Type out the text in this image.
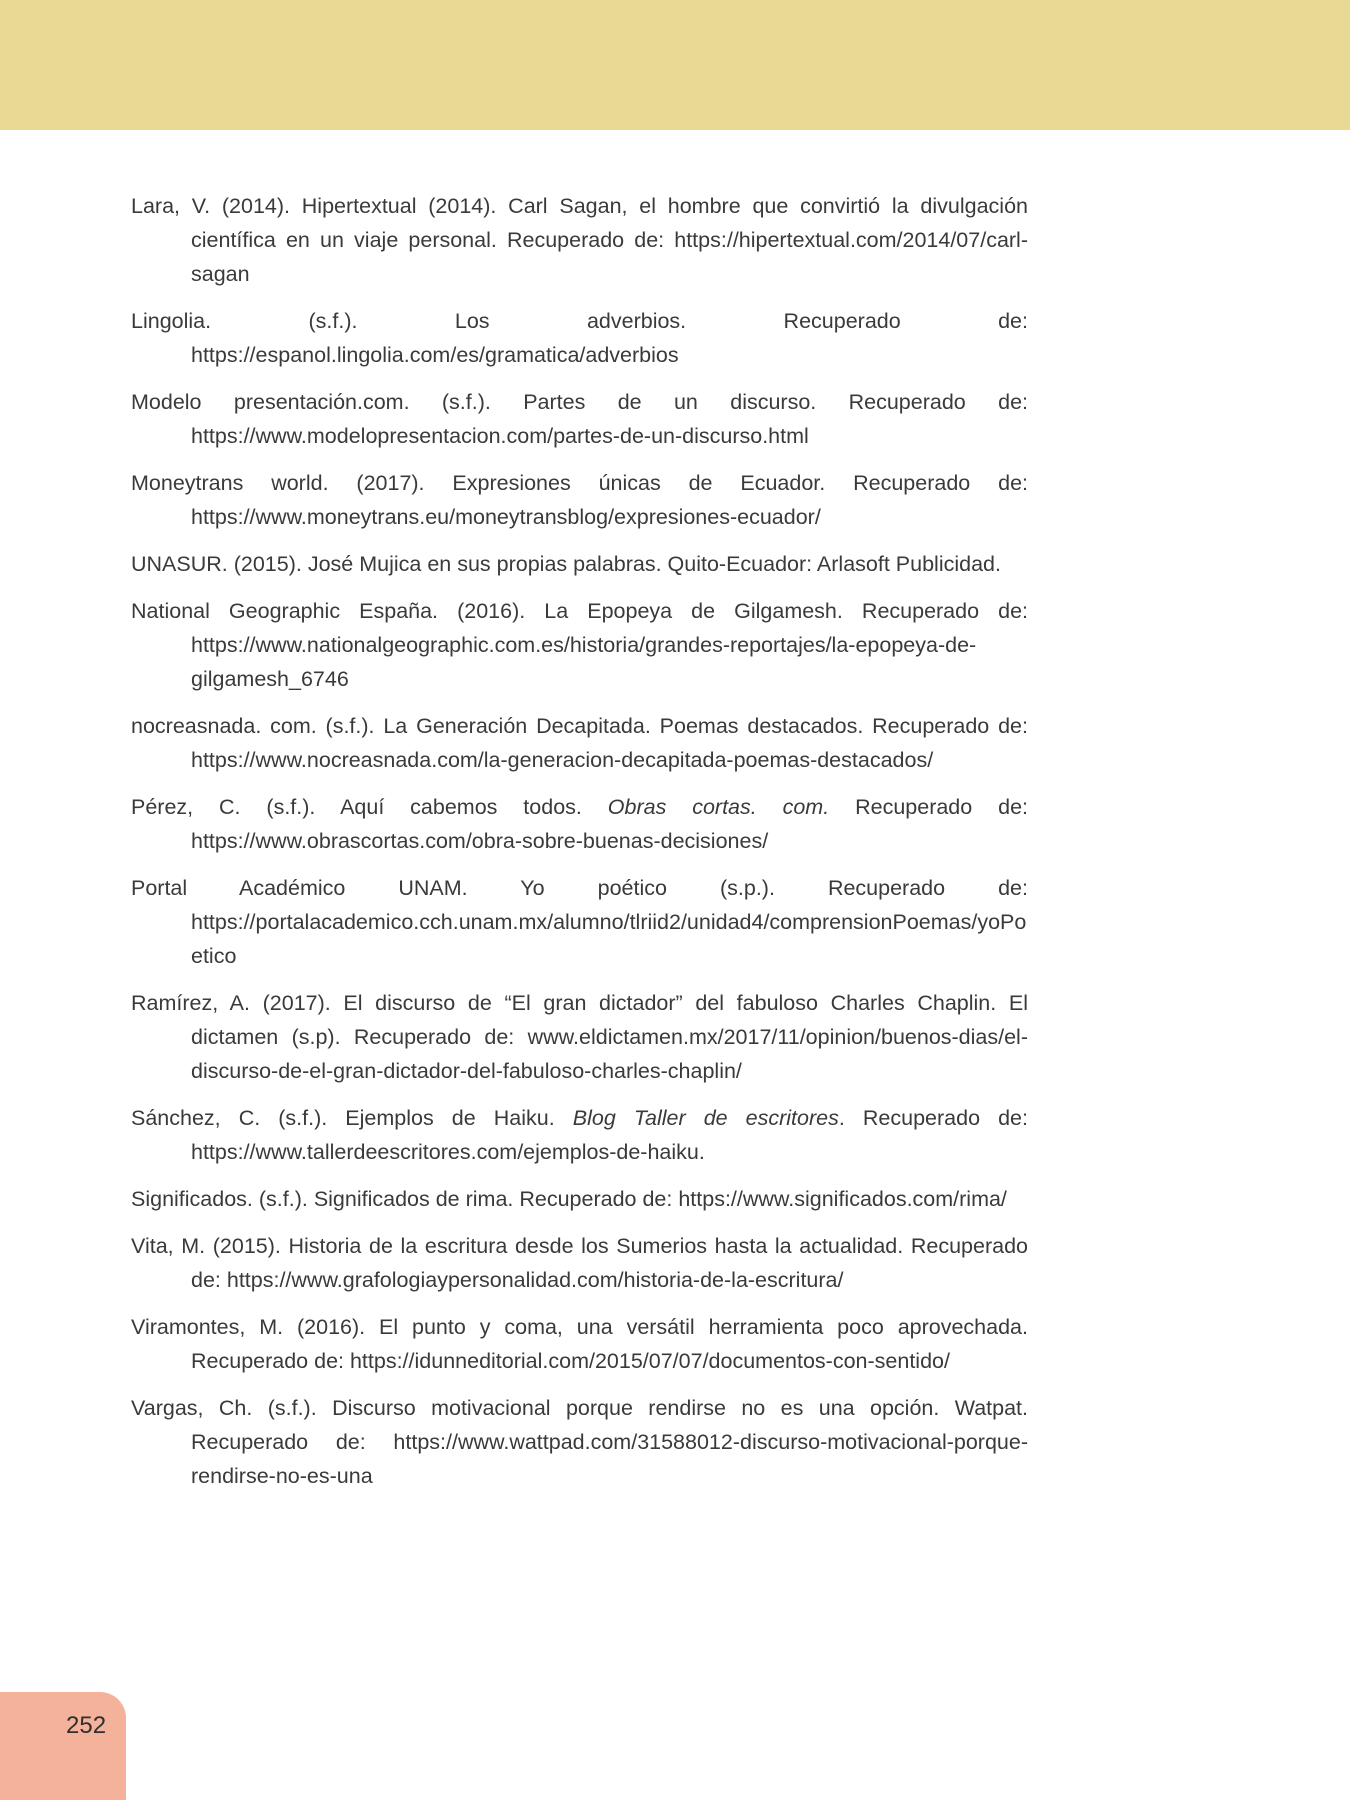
Lara, V. (2014). Hipertextual (2014). Carl Sagan, el hombre que convirtió la divulgación científica en un viaje personal. Recuperado de: https://hipertextual.com/2014/07/carl-sagan
Lingolia. (s.f.). Los adverbios. Recuperado de: https://espanol.lingolia.com/es/gramatica/adverbios
Modelo presentación.com. (s.f.). Partes de un discurso. Recuperado de: https://www.modelopresentacion.com/partes-de-un-discurso.html
Moneytrans world. (2017). Expresiones únicas de Ecuador. Recuperado de: https://www.moneytrans.eu/moneytransblog/expresiones-ecuador/
UNASUR. (2015). José Mujica en sus propias palabras. Quito-Ecuador: Arlasoft Publicidad.
National Geographic España. (2016). La Epopeya de Gilgamesh. Recuperado de: https://www.nationalgeographic.com.es/historia/grandes-reportajes/la-epopeya-de-gilgamesh_6746
nocreasnada. com. (s.f.). La Generación Decapitada. Poemas destacados. Recuperado de: https://www.nocreasnada.com/la-generacion-decapitada-poemas-destacados/
Pérez, C. (s.f.). Aquí cabemos todos. Obras cortas. com. Recuperado de: https://www.obrascortas.com/obra-sobre-buenas-decisiones/
Portal Académico UNAM. Yo poético (s.p.). Recuperado de: https://portalacademico.cch.unam.mx/alumno/tlriid2/unidad4/comprensionPoemas/yoPoetico
Ramírez, A. (2017). El discurso de “El gran dictador” del fabuloso Charles Chaplin. El dictamen (s.p). Recuperado de: www.eldictamen.mx/2017/11/opinion/buenos-dias/el-discurso-de-el-gran-dictador-del-fabuloso-charles-chaplin/
Sánchez, C. (s.f.). Ejemplos de Haiku. Blog Taller de escritores. Recuperado de: https://www.tallerdeescritores.com/ejemplos-de-haiku.
Significados. (s.f.). Significados de rima. Recuperado de: https://www.significados.com/rima/
Vita, M. (2015). Historia de la escritura desde los Sumerios hasta la actualidad. Recuperado de: https://www.grafologiaypersonalidad.com/historia-de-la-escritura/
Viramontes, M. (2016). El punto y coma, una versátil herramienta poco aprovechada. Recuperado de: https://idunneditorial.com/2015/07/07/documentos-con-sentido/
Vargas, Ch. (s.f.). Discurso motivacional porque rendirse no es una opción. Watpat. Recuperado de: https://www.wattpad.com/31588012-discurso-motivacional-porque-rendirse-no-es-una
252
